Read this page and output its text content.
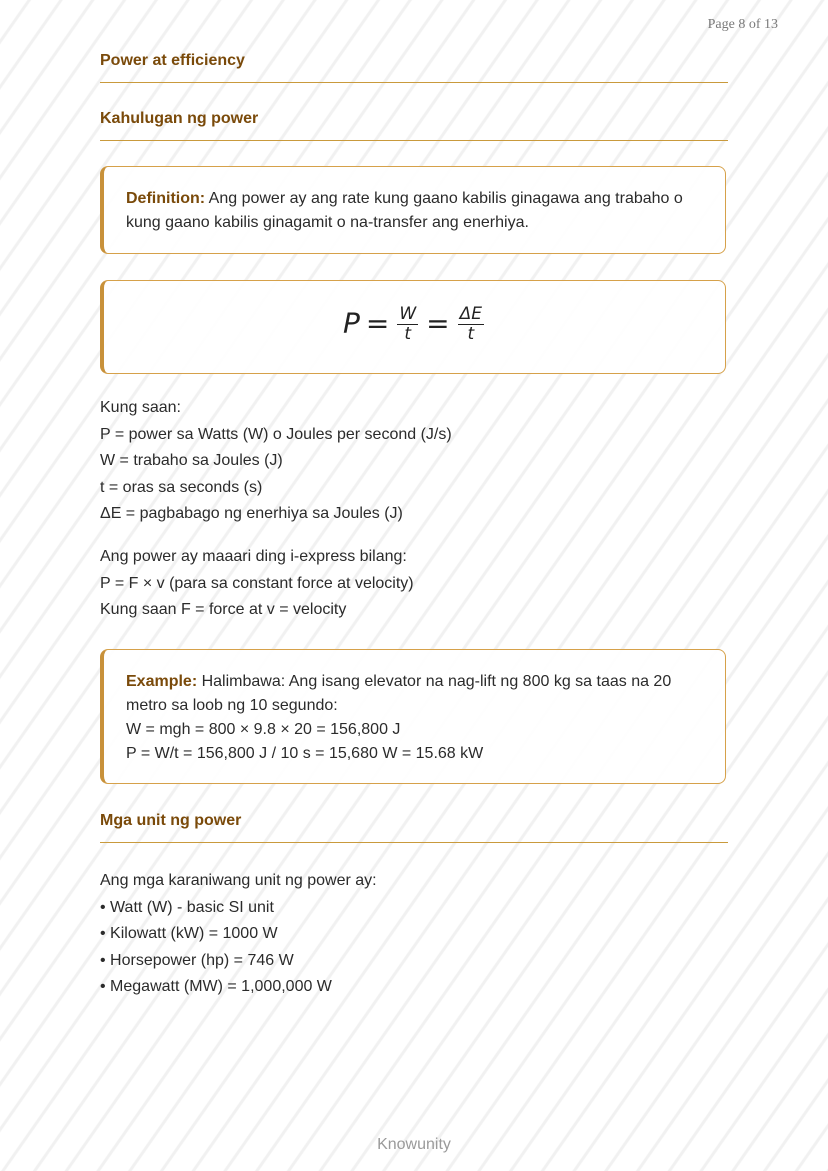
Page 8 of 13
Power at efficiency
Kahulugan ng power
Definition: Ang power ay ang rate kung gaano kabilis ginagawa ang trabaho o kung gaano kabilis ginagamit o na-transfer ang enerhiya.
$P = \frac{W}{t} = \frac{\Delta E}{t}$
Kung saan:
P = power sa Watts (W) o Joules per second (J/s)
W = trabaho sa Joules (J)
t = oras sa seconds (s)
ΔE = pagbabago ng enerhiya sa Joules (J)
Ang power ay maaari ding i-express bilang:
P = F × v (para sa constant force at velocity)
Kung saan F = force at v = velocity
Example: Halimbawa: Ang isang elevator na nag-lift ng 800 kg sa taas na 20 metro sa loob ng 10 segundo:
W = mgh = 800 × 9.8 × 20 = 156,800 J
P = W/t = 156,800 J / 10 s = 15,680 W = 15.68 kW
Mga unit ng power
Ang mga karaniwang unit ng power ay:
• Watt (W) - basic SI unit
• Kilowatt (kW) = 1000 W
• Horsepower (hp) = 746 W
• Megawatt (MW) = 1,000,000 W
Knowunity
